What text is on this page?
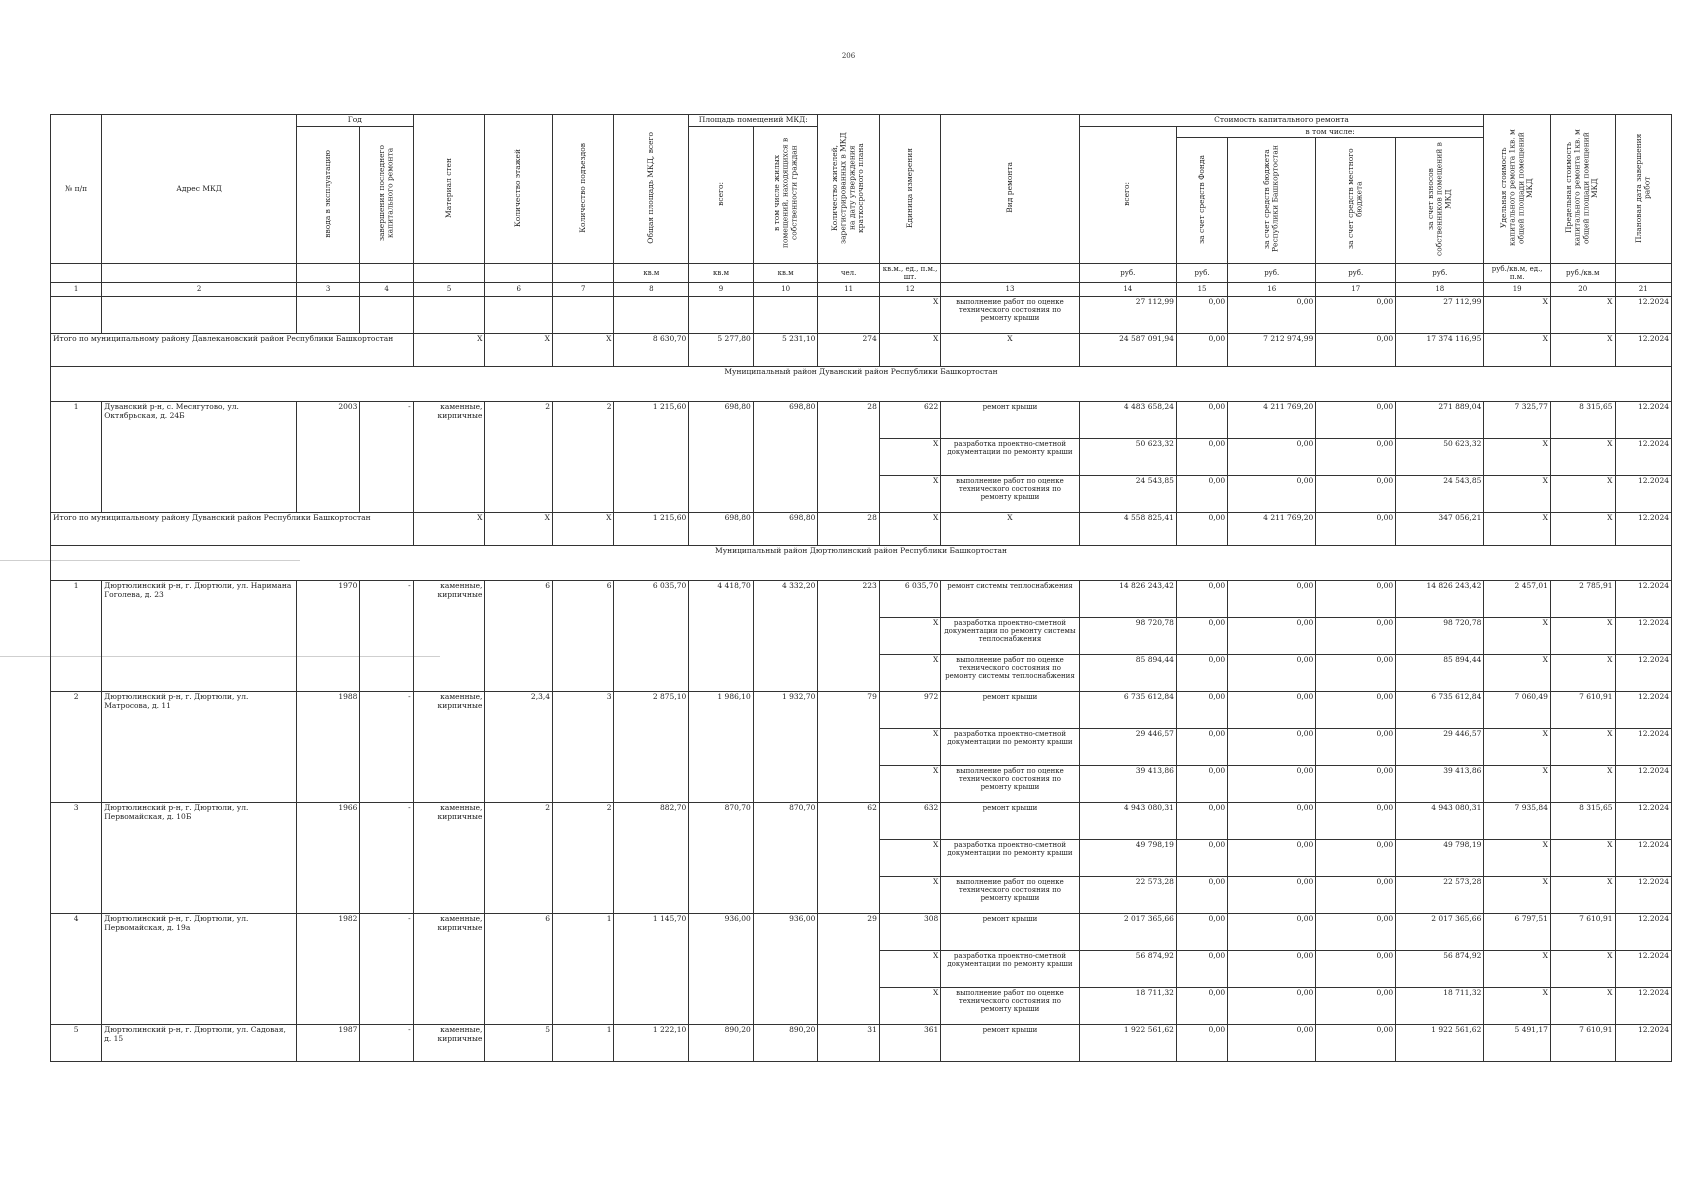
206
№ п/п	Адрес МКД	Год		Материал стен	Количество этажей	Количество подъездов	Общая площадь МКД, всего	Площадь помещений МКД:		Количество жителей, зарегистрированных в МКД на дату утверждения краткосрочного плана	Единица измерения	Вид ремонта	Стоимость капитального ремонта					Удельная стоимость капитального ремонта 1кв. м общей площади помещений МКД	Предельная стоимость капитального ремонта 1кв. м общей площади помещений МКД	Плановая дата завершения работ
		ввода в эксплуатацию	завершения последнего капитального ремонта					всего:	в том числе жилых помещений, находящихся в собственности граждан				всего:	в том числе:						
														за счет средств Фонда	за счет средств бюджета Республики Башкортостан	за счет средств местного бюджета	за счет взносов собственников помещений в МКД			
							кв.м	кв.м	кв.м	чел.	кв.м., ед., п.м., шт.		руб.	руб.	руб.	руб.	руб.	руб./кв.м, ед., п.м.	руб./кв.м	
1	2	3	4	5	6	7	8	9	10	11	12	13	14	15	16	17	18	19	20	21
											X	выполнение работ по оценке технического состояния по ремонту крыши	27 112,99	0,00	0,00	0,00	27 112,99	X	X	12.2024
Итого по муниципальному району Давлекановский район Республики Башкортостан				X	X	X	8 630,70	5 277,80	5 231,10	274	X	X	24 587 091,94	0,00	7 212 974,99	0,00	17 374 116,95	X	X	12.2024
Муниципальный район Дуванский район Республики Башкортостан																				
1	Дуванский р-н, с. Месягутово, ул. Октябрьская, д. 24Б	2003	-	каменные, кирпичные	2	2	1 215,60	698,80	698,80	28	622	ремонт крыши	4 483 658,24	0,00	4 211 769,20	0,00	271 889,04	7 325,77	8 315,65	12.2024
											X	разработка проектно-сметной документации по ремонту крыши	50 623,32	0,00	0,00	0,00	50 623,32	X	X	12.2024
											X	выполнение работ по оценке технического состояния по ремонту крыши	24 543,85	0,00	0,00	0,00	24 543,85	X	X	12.2024
Итого по муниципальному району Дуванский район Республики Башкортостан				X	X	X	1 215,60	698,80	698,80	28	X	X	4 558 825,41	0,00	4 211 769,20	0,00	347 056,21	X	X	12.2024
Муниципальный район Дюртюлинский район Республики Башкортостан																				
1	Дюртюлинский р-н, г. Дюртюли, ул. Наримана Гоголева, д. 23	1970	-	каменные, кирпичные	6	6	6 035,70	4 418,70	4 332,20	223	6 035,70	ремонт системы теплоснабжения	14 826 243,42	0,00	0,00	0,00	14 826 243,42	2 457,01	2 785,91	12.2024
											X	разработка проектно-сметной документации по ремонту системы теплоснабжения	98 720,78	0,00	0,00	0,00	98 720,78	X	X	12.2024
											X	выполнение работ по оценке технического состояния по ремонту системы теплоснабжения	85 894,44	0,00	0,00	0,00	85 894,44	X	X	12.2024
2	Дюртюлинский р-н, г. Дюртюли, ул. Матросова, д. 11	1988	-	каменные, кирпичные	2,3,4	3	2 875,10	1 986,10	1 932,70	79	972	ремонт крыши	6 735 612,84	0,00	0,00	0,00	6 735 612,84	7 060,49	7 610,91	12.2024
											X	разработка проектно-сметной документации по ремонту крыши	29 446,57	0,00	0,00	0,00	29 446,57	X	X	12.2024
											X	выполнение работ по оценке технического состояния по ремонту крыши	39 413,86	0,00	0,00	0,00	39 413,86	X	X	12.2024
3	Дюртюлинский р-н, г. Дюртюли, ул. Первомайская, д. 10Б	1966	-	каменные, кирпичные	2	2	882,70	870,70	870,70	62	632	ремонт крыши	4 943 080,31	0,00	0,00	0,00	4 943 080,31	7 935,84	8 315,65	12.2024
											X	разработка проектно-сметной документации по ремонту крыши	49 798,19	0,00	0,00	0,00	49 798,19	X	X	12.2024
											X	выполнение работ по оценке технического состояния по ремонту крыши	22 573,28	0,00	0,00	0,00	22 573,28	X	X	12.2024
4	Дюртюлинский р-н, г. Дюртюли, ул. Первомайская, д. 19а	1982	-	каменные, кирпичные	6	1	1 145,70	936,00	936,00	29	308	ремонт крыши	2 017 365,66	0,00	0,00	0,00	2 017 365,66	6 797,51	7 610,91	12.2024
											X	разработка проектно-сметной документации по ремонту крыши	56 874,92	0,00	0,00	0,00	56 874,92	X	X	12.2024
											X	выполнение работ по оценке технического состояния по ремонту крыши	18 711,32	0,00	0,00	0,00	18 711,32	X	X	12.2024
5	Дюртюлинский р-н, г. Дюртюли, ул. Садовая, д. 15	1987	-	каменные, кирпичные	5	1	1 222,10	890,20	890,20	31	361	ремонт крыши	1 922 561,62	0,00	0,00	0,00	1 922 561,62	5 491,17	7 610,91	12.2024
